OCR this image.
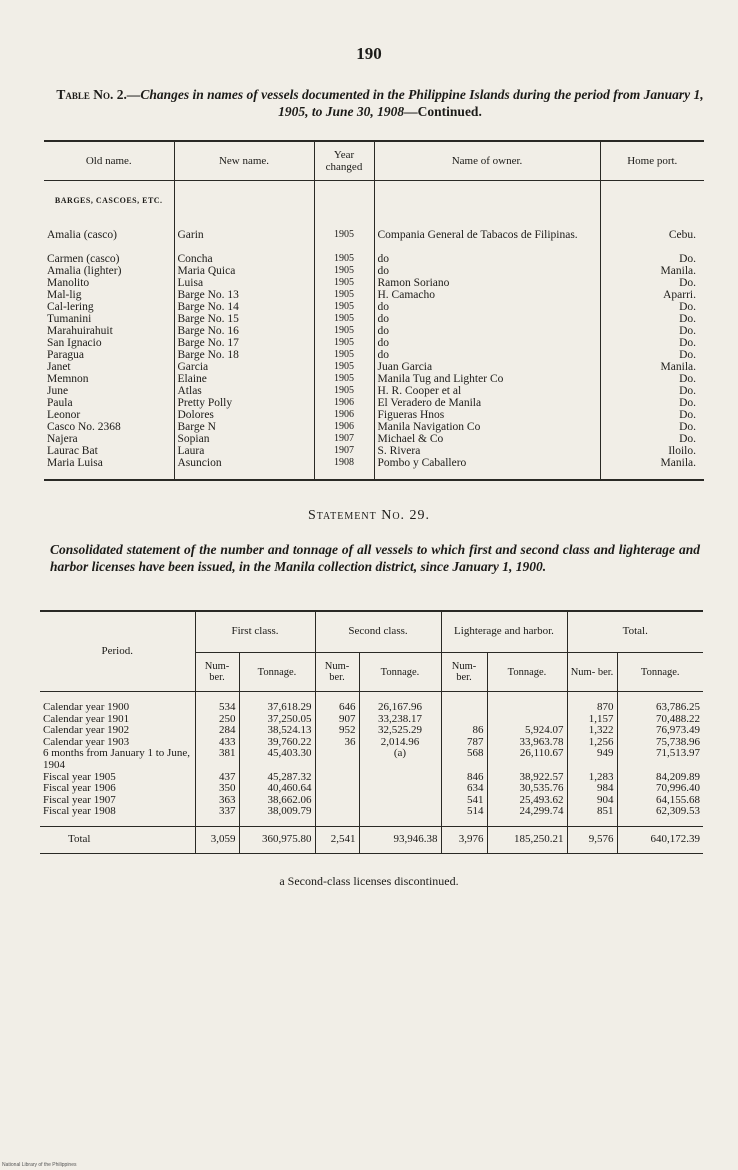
190
Table No. 2.—Changes in names of vessels documented in the Philippine Islands during the period from January 1, 1905, to June 30, 1908—Continued.
Old name.	New name.	Year changed	Name of owner.	Home port.
BARGES, CASCOES, ETC.				
Amalia (casco)	Garin	1905	Compania General de Tabacos de Filipinas.	Cebu.
Carmen (casco)	Concha	1905	do	Do.
Amalia (lighter)	Maria Quica	1905	do	Manila.
Manolito	Luisa	1905	Ramon Soriano	Do.
Mal-lig	Barge No. 13	1905	H. Camacho	Aparri.
Cal-lering	Barge No. 14	1905	do	Do.
Tumanini	Barge No. 15	1905	do	Do.
Marahuirahuit	Barge No. 16	1905	do	Do.
San Ignacio	Barge No. 17	1905	do	Do.
Paragua	Barge No. 18	1905	do	Do.
Janet	Garcia	1905	Juan Garcia	Manila.
Memnon	Elaine	1905	Manila Tug and Lighter Co	Do.
June	Atlas	1905	H. R. Cooper et al	Do.
Paula	Pretty Polly	1906	El Veradero de Manila	Do.
Leonor	Dolores	1906	Figueras Hnos	Do.
Casco No. 2368	Barge N	1906	Manila Navigation Co	Do.
Najera	Sopian	1907	Michael & Co	Do.
Laurac Bat	Laura	1907	S. Rivera	Iloilo.
Maria Luisa	Asuncion	1908	Pombo y Caballero	Manila.
Statement No. 29.
Consolidated statement of the number and tonnage of all vessels to which first and second class and lighterage and harbor licenses have been issued, in the Manila collection district, since January 1, 1900.
Period.	First class.		Second class.		Lighterage and harbor.		Total.	
	Num- ber.	Tonnage.	Num- ber.	Tonnage.	Num- ber.	Tonnage.	Num- ber.	Tonnage.
Calendar year 1900	534	37,618.29	646	26,167.96			870	63,786.25
Calendar year 1901	250	37,250.05	907	33,238.17			1,157	70,488.22
Calendar year 1902	284	38,524.13	952	32,525.29	86	5,924.07	1,322	76,973.49
Calendar year 1903	433	39,760.22	36	2,014.96	787	33,963.78	1,256	75,738.96
6 months from January 1 to June, 1904	381	45,403.30		(a)	568	26,110.67	949	71,513.97
Fiscal year 1905	437	45,287.32			846	38,922.57	1,283	84,209.89
Fiscal year 1906	350	40,460.64			634	30,535.76	984	70,996.40
Fiscal year 1907	363	38,662.06			541	25,493.62	904	64,155.68
Fiscal year 1908	337	38,009.79			514	24,299.74	851	62,309.53
Total	3,059	360,975.80	2,541	93,946.38	3,976	185,250.21	9,576	640,172.39
a Second-class licenses discontinued.
National Library of the Philippines
